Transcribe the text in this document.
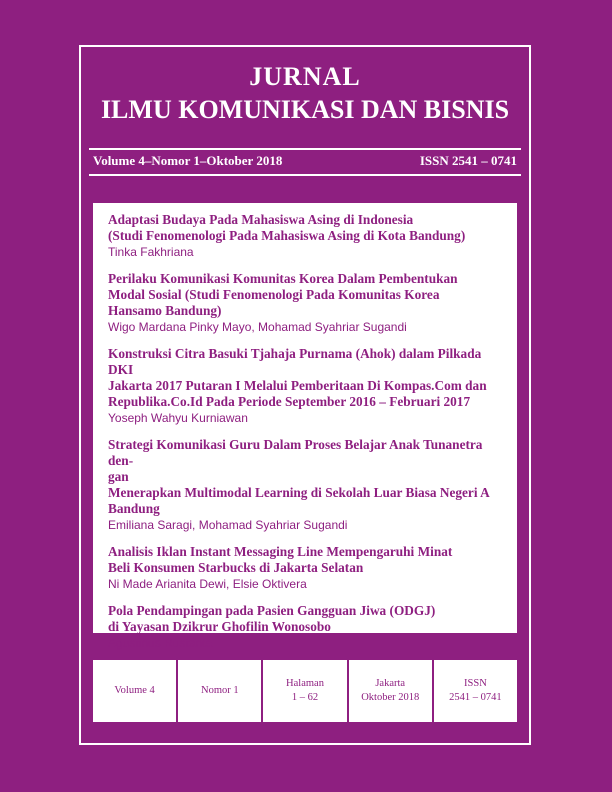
JURNAL
ILMU KOMUNIKASI DAN BISNIS
Volume 4–Nomor 1–Oktober 2018	ISSN 2541 – 0741
Adaptasi Budaya Pada Mahasiswa Asing di Indonesia
(Studi Fenomenologi Pada Mahasiswa Asing di Kota Bandung)
Tinka Fakhriana
Perilaku Komunikasi Komunitas Korea Dalam Pembentukan
Modal Sosial (Studi Fenomenologi Pada Komunitas Korea
Hansamo Bandung)
Wigo Mardana Pinky Mayo, Mohamad Syahriar Sugandi
Konstruksi Citra Basuki Tjahaja Purnama (Ahok) dalam Pilkada DKI
Jakarta 2017 Putaran I Melalui Pemberitaan Di Kompas.Com dan
Republika.Co.Id Pada Periode September 2016 – Februari 2017
Yoseph Wahyu Kurniawan
Strategi Komunikasi Guru Dalam Proses Belajar Anak Tunanetra den-
gan
Menerapkan Multimodal Learning di Sekolah Luar Biasa Negeri A
Bandung
Emiliana Saragi, Mohamad Syahriar Sugandi
Analisis Iklan Instant Messaging Line Mempengaruhi Minat
Beli Konsumen Starbucks di Jakarta Selatan
Ni Made Arianita Dewi, Elsie Oktivera
Pola Pendampingan pada Pasien Gangguan Jiwa (ODGJ)
di Yayasan Dzikrur Ghofilin Wonosobo
Agustinus Rustanta
Volume 4	Nomor 1
Halaman
1 – 62
Jakarta
Oktober 2018
ISSN
2541 – 0741
